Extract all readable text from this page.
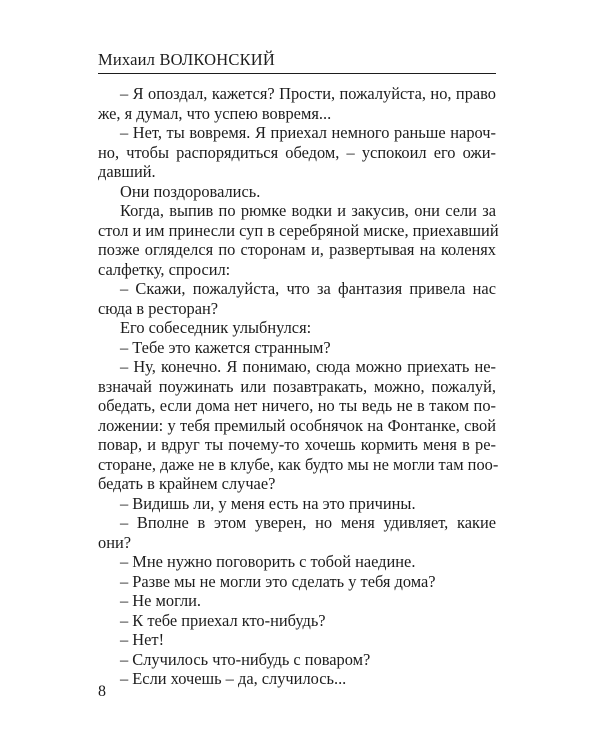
Михаил ВОЛКОНСКИЙ
– Я опоздал, кажется? Прости, пожалуйста, но, право же, я думал, что успею вовремя...
– Нет, ты вовремя. Я приехал немного раньше нароч-
но, чтобы распорядиться обедом, – успокоил его ожи-
давший.
Они поздоровались.
Когда, выпив по рюмке водки и закусив, они сели за
стол и им принесли суп в серебряной миске, приехавший
позже огляделся по сторонам и, развертывая на коленях
салфетку, спросил:
– Скажи, пожалуйста, что за фантазия привела нас
сюда в ресторан?
Его собеседник улыбнулся:
– Тебе это кажется странным?
– Ну, конечно. Я понимаю, сюда можно приехать не-
взначай поужинать или позавтракать, можно, пожалуй,
обедать, если дома нет ничего, но ты ведь не в таком по-
ложении: у тебя премилый особнячок на Фонтанке, свой
повар, и вдруг ты почему-то хочешь кормить меня в ре-
сторане, даже не в клубе, как будто мы не могли там поо-
бедать в крайнем случае?
– Видишь ли, у меня есть на это причины.
– Вполне в этом уверен, но меня удивляет, какие
они?
– Мне нужно поговорить с тобой наедине.
– Разве мы не могли это сделать у тебя дома?
– Не могли.
– К тебе приехал кто-нибудь?
– Нет!
– Случилось что-нибудь с поваром?
– Если хочешь – да, случилось...
8
